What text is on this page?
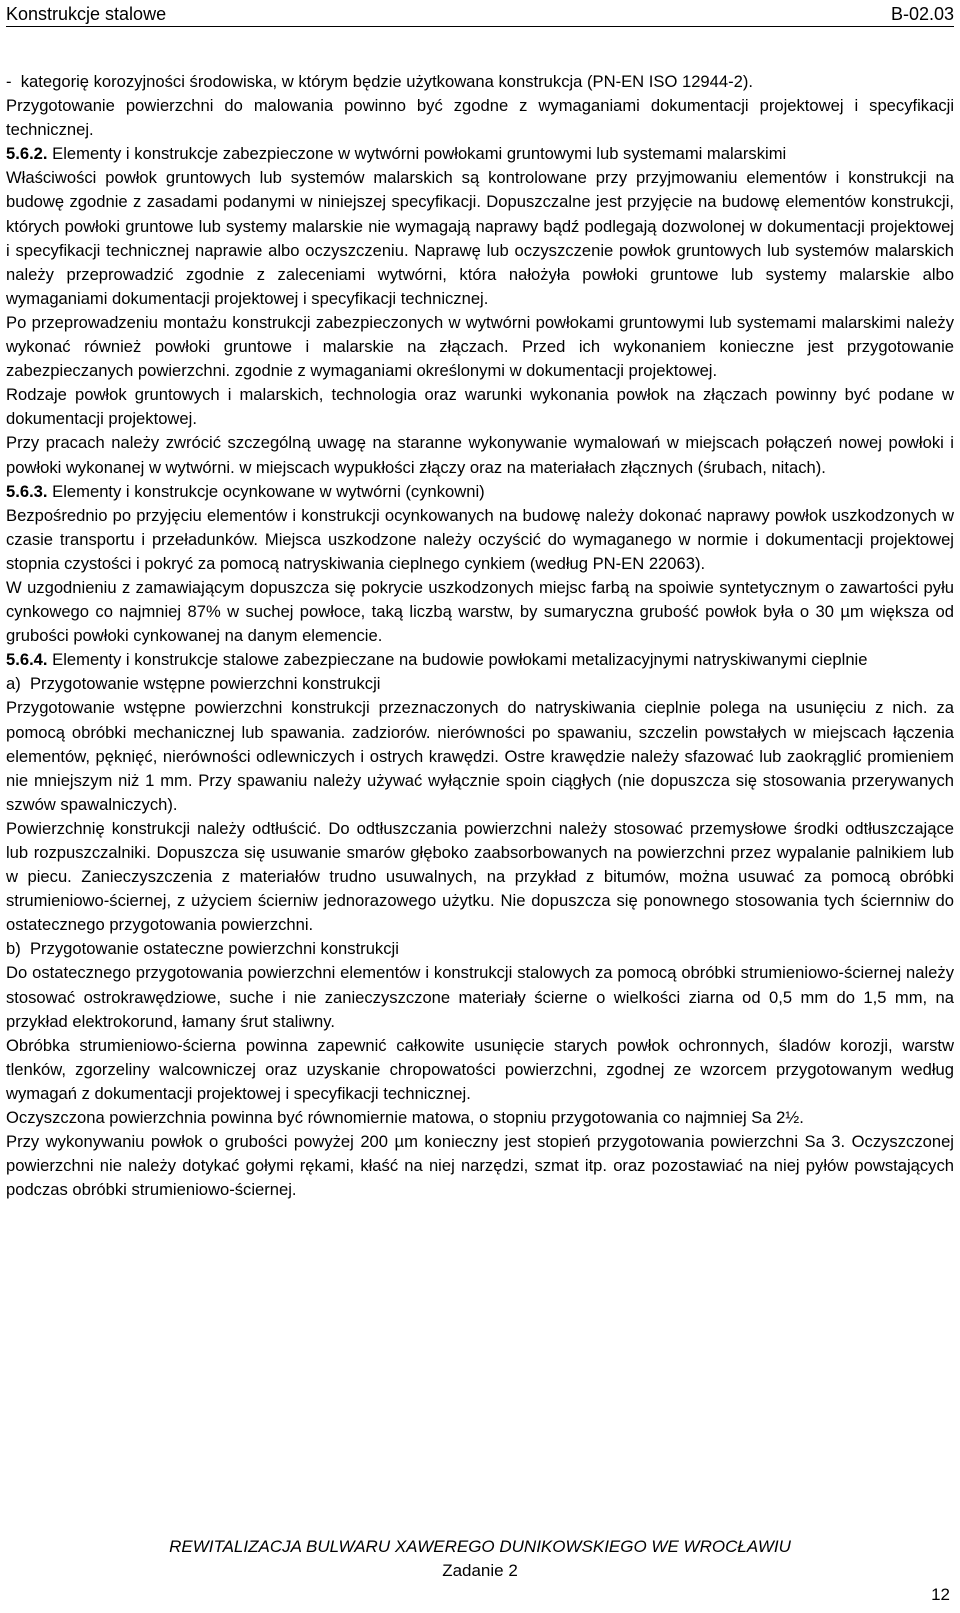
Konstrukcje stalowe	B-02.03

-  kategorię korozyjności środowiska, w którym będzie użytkowana konstrukcja (PN-EN ISO 12944-2).

Przygotowanie powierzchni do malowania powinno być zgodne z wymaganiami dokumentacji projektowej i specyfikacji technicznej.

5.6.2. Elementy i konstrukcje zabezpieczone w wytwórni powłokami gruntowymi lub systemami malarskimi

Właściwości powłok gruntowych lub systemów malarskich są kontrolowane przy przyjmowaniu elementów i konstrukcji na budowę zgodnie z zasadami podanymi w niniejszej specyfikacji. Dopuszczalne jest przyjęcie na budowę elementów konstrukcji, których powłoki gruntowe lub systemy malarskie nie wymagają naprawy bądź podlegają dozwolonej w dokumentacji projektowej i specyfikacji technicznej naprawie albo oczyszczeniu. Naprawę lub oczyszczenie powłok gruntowych lub systemów malarskich należy przeprowadzić zgodnie z zaleceniami wytwórni, która nałożyła powłoki gruntowe lub systemy malarskie albo wymaganiami dokumentacji projektowej i specyfikacji technicznej.

Po przeprowadzeniu montażu konstrukcji zabezpieczonych w wytwórni powłokami gruntowymi lub systemami malarskimi należy wykonać również powłoki gruntowe i malarskie na złączach. Przed ich wykonaniem konieczne jest przygotowanie zabezpieczanych powierzchni. zgodnie z wymaganiami określonymi w dokumentacji projektowej.

Rodzaje powłok gruntowych i malarskich, technologia oraz warunki wykonania powłok na złączach powinny być podane w dokumentacji projektowej.

Przy pracach należy zwrócić szczególną uwagę na staranne wykonywanie wymalowań w miejscach połączeń nowej powłoki i powłoki wykonanej w wytwórni. w miejscach wypukłości złączy oraz na materiałach złącznych (śrubach, nitach).

5.6.3. Elementy i konstrukcje ocynkowane w wytwórni (cynkowni)

Bezpośrednio po przyjęciu elementów i konstrukcji ocynkowanych na budowę należy dokonać naprawy powłok uszkodzonych w czasie transportu i przeładunków. Miejsca uszkodzone należy oczyścić do wymaganego w normie i dokumentacji projektowej stopnia czystości i pokryć za pomocą natryskiwania cieplnego cynkiem (według PN-EN 22063).

W uzgodnieniu z zamawiającym dopuszcza się pokrycie uszkodzonych miejsc farbą na spoiwie syntetycznym o zawartości pyłu cynkowego co najmniej 87% w suchej powłoce, taką liczbą warstw, by sumaryczna grubość powłok była o 30 µm większa od grubości powłoki cynkowanej na danym elemencie.

5.6.4. Elementy i konstrukcje stalowe zabezpieczane na budowie powłokami metalizacyjnymi natryskiwanymi cieplnie

a)  Przygotowanie wstępne powierzchni konstrukcji

Przygotowanie wstępne powierzchni konstrukcji przeznaczonych do natryskiwania cieplnie polega na usunięciu z nich. za pomocą obróbki mechanicznej lub spawania. zadziorów. nierówności po spawaniu, szczelin powstałych w miejscach łączenia elementów, pęknięć, nierówności odlewniczych i ostrych krawędzi. Ostre krawędzie należy sfazować lub zaokrąglić promieniem nie mniejszym niż 1 mm. Przy spawaniu należy używać wyłącznie spoin ciągłych (nie dopuszcza się stosowania przerywanych szwów spawalniczych).

Powierzchnię konstrukcji należy odtłuścić. Do odtłuszczania powierzchni należy stosować przemysłowe środki odtłuszczające lub rozpuszczalniki. Dopuszcza się usuwanie smarów głęboko zaabsorbowanych na powierzchni przez wypalanie palnikiem lub w piecu. Zanieczyszczenia z materiałów trudno usuwalnych, na przykład z bitumów, można usuwać za pomocą obróbki strumieniowo-ściernej, z użyciem ścierniw jednorazowego użytku. Nie dopuszcza się ponownego stosowania tych ściernniw do ostatecznego przygotowania powierzchni.

b)  Przygotowanie ostateczne powierzchni konstrukcji

Do ostatecznego przygotowania powierzchni elementów i konstrukcji stalowych za pomocą obróbki strumieniowo-ściernej należy stosować ostrokrawędziowe, suche i nie zanieczyszczone materiały ścierne o wielkości ziarna od 0,5 mm do 1,5 mm, na przykład elektrokorund, łamany śrut staliwny.

Obróbka strumieniowo-ścierna powinna zapewnić całkowite usunięcie starych powłok ochronnych, śladów korozji, warstw tlenków, zgorzeliny walcowniczej oraz uzyskanie chropowatości powierzchni, zgodnej ze wzorcem przygotowanym według wymagań z dokumentacji projektowej i specyfikacji technicznej.

Oczyszczona powierzchnia powinna być równomiernie matowa, o stopniu przygotowania co najmniej Sa 2½.

Przy wykonywaniu powłok o grubości powyżej 200 µm konieczny jest stopień przygotowania powierzchni Sa 3. Oczyszczonej powierzchni nie należy dotykać gołymi rękami, kłaść na niej narzędzi, szmat itp. oraz pozostawiać na niej pyłów powstających podczas obróbki strumieniowo-ściernej.

REWITALIZACJA BULWARU XAWEREGO DUNIKOWSKIEGO WE WROCŁAWIU
Zadanie 2
12
